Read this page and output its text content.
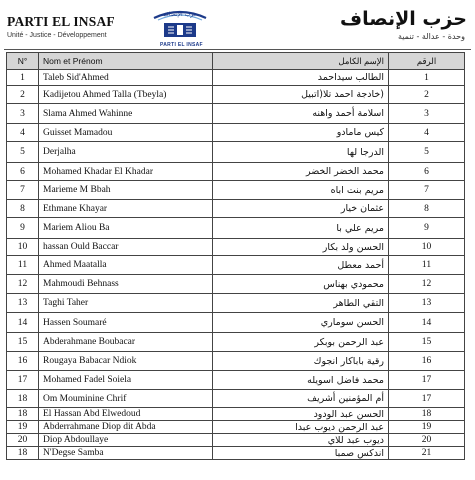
PARTI EL INSAF
Unité - Justice - Développement
حزب الإنصاف
PARTI EL INSAF
حزب الإنصاف
وحدة - عدالة - تنمية
N°	Nom et Prénom	الإسم الكامل	الرقم
1	Taleb Sid'Ahmed	الطالب سيداحمد	1
2	Kadijetou Ahmed Talla (Tbeyla)	(خادجة احمد تلا(اتبيل	2
3	Slama Ahmed Wahinne	اسلامة أحمد واهنه	3
4	Guisset Mamadou	كيس مامادو	4
5	Derjalha	الدرجا لها	5
6	Mohamed Khadar El Khadar	محمد الخضر الخضر	6
7	Marieme M Bbah	مريم بنت اباه	7
8	Ethmane Khayar	عثمان خيار	8
9	Mariem Aliou Ba	مريم علي با	9
10	hassan Ould Baccar	الحسن ولد بكار	10
11	Ahmed Maatalla	أحمد معطل	11
12	Mahmoudi Behnass	محمودي بهناس	12
13	Taghi Taher	التقي الطاهر	13
14	Hassen Soumaré	الحسن سوماري	14
15	Abderahmane Boubacar	عبد الرحمن بوبكر	15
16	Rougaya Babacar Ndiok	رقية باباكار انجوك	16
17	Mohamed Fadel Soiela	محمد فاضل اسويله	17
18	Om Mouminine Chrif	أم المؤمنين أشريف	17
18	El Hassan Abd Elwedoud	الحسن عبد الودود	18
19	Abderrahmane Diop dit Abda	عبد الرحمن ديوب عبدا	19
20	Diop Abdoullaye	ديوب عبد للاي	20
18	N'Degse Samba	اندكس صمبا	21
